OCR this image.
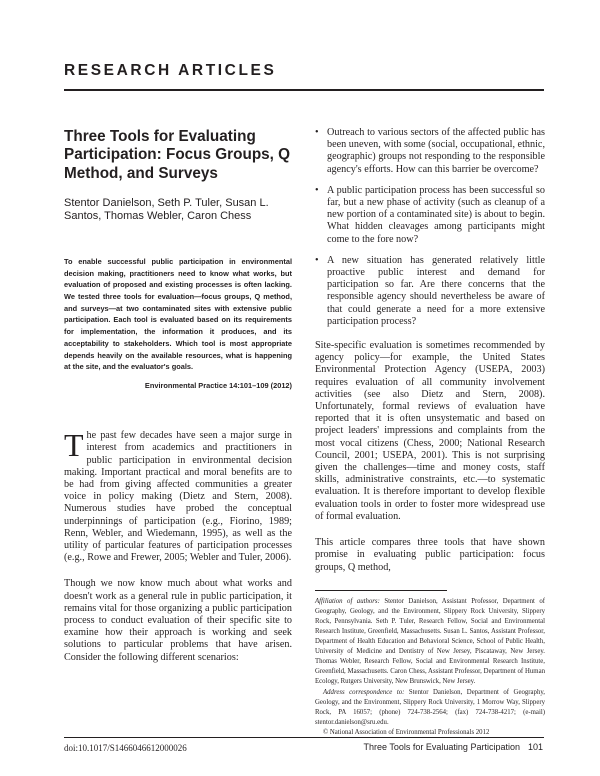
RESEARCH ARTICLES
Three Tools for Evaluating Participation: Focus Groups, Q Method, and Surveys
Stentor Danielson, Seth P. Tuler, Susan L. Santos, Thomas Webler, Caron Chess

To enable successful public participation in environmental decision making, practitioners need to know what works, but evaluation of proposed and existing processes is often lacking. We tested three tools for evaluation—focus groups, Q method, and surveys—at two contaminated sites with extensive public participation. Each tool is evaluated based on its requirements for implementation, the information it produces, and its acceptability to stakeholders. Which tool is most appropriate depends heavily on the available resources, what is happening at the site, and the evaluator's goals.

Environmental Practice 14:101–109 (2012)

The past few decades have seen a major surge in interest from academics and practitioners in public participation in environmental decision making. Important practical and moral benefits are to be had from giving affected communities a greater voice in policy making (Dietz and Stern, 2008). Numerous studies have probed the conceptual underpinnings of participation (e.g., Fiorino, 1989; Renn, Webler, and Wiedemann, 1995), as well as the utility of particular features of participation processes (e.g., Rowe and Frewer, 2005; Webler and Tuler, 2006).

Though we now know much about what works and doesn't work as a general rule in public participation, it remains vital for those organizing a public participation process to conduct evaluation of their specific site to examine how their approach is working and seek solutions to particular problems that have arisen. Consider the following different scenarios:

• Outreach to various sectors of the affected public has been uneven, with some (social, occupational, ethnic, geographic) groups not responding to the responsible agency's efforts. How can this barrier be overcome?
• A public participation process has been successful so far, but a new phase of activity (such as cleanup of a new portion of a contaminated site) is about to begin. What hidden cleavages among participants might come to the fore now?
• A new situation has generated relatively little proactive public interest and demand for participation so far. Are there concerns that the responsible agency should nevertheless be aware of that could generate a need for a more extensive participation process?

Site-specific evaluation is sometimes recommended by agency policy—for example, the United States Environmental Protection Agency (USEPA, 2003) requires evaluation of all community involvement activities (see also Dietz and Stern, 2008). Unfortunately, formal reviews of evaluation have reported that it is often unsystematic and based on project leaders' impressions and complaints from the most vocal citizens (Chess, 2000; National Research Council, 2001; USEPA, 2001). This is not surprising given the challenges—time and money costs, staff skills, administrative constraints, etc.—to systematic evaluation. It is therefore important to develop flexible evaluation tools in order to foster more widespread use of formal evaluation.

This article compares three tools that have shown promise in evaluating public participation: focus groups, Q method,

Affiliation of authors: Stentor Danielson, Assistant Professor, Department of Geography, Geology, and the Environment, Slippery Rock University, Slippery Rock, Pennsylvania. Seth P. Tuler, Research Fellow, Social and Environmental Research Institute, Greenfield, Massachusetts. Susan L. Santos, Assistant Professor, Department of Health Education and Behavioral Science, School of Public Health, University of Medicine and Dentistry of New Jersey, Piscataway, New Jersey. Thomas Webler, Research Fellow, Social and Environmental Research Institute, Greenfield, Massachusetts. Caron Chess, Assistant Professor, Department of Human Ecology, Rutgers University, New Brunswick, New Jersey.

Address correspondence to: Stentor Danielson, Department of Geography, Geology, and the Environment, Slippery Rock University, 1 Morrow Way, Slippery Rock, PA 16057; (phone) 724-738-2564; (fax) 724-738-4217; (e-mail) stentor.danielson@sru.edu.

© National Association of Environmental Professionals 2012

doi:10.1017/S1466046612000026	Three Tools for Evaluating Participation 101
